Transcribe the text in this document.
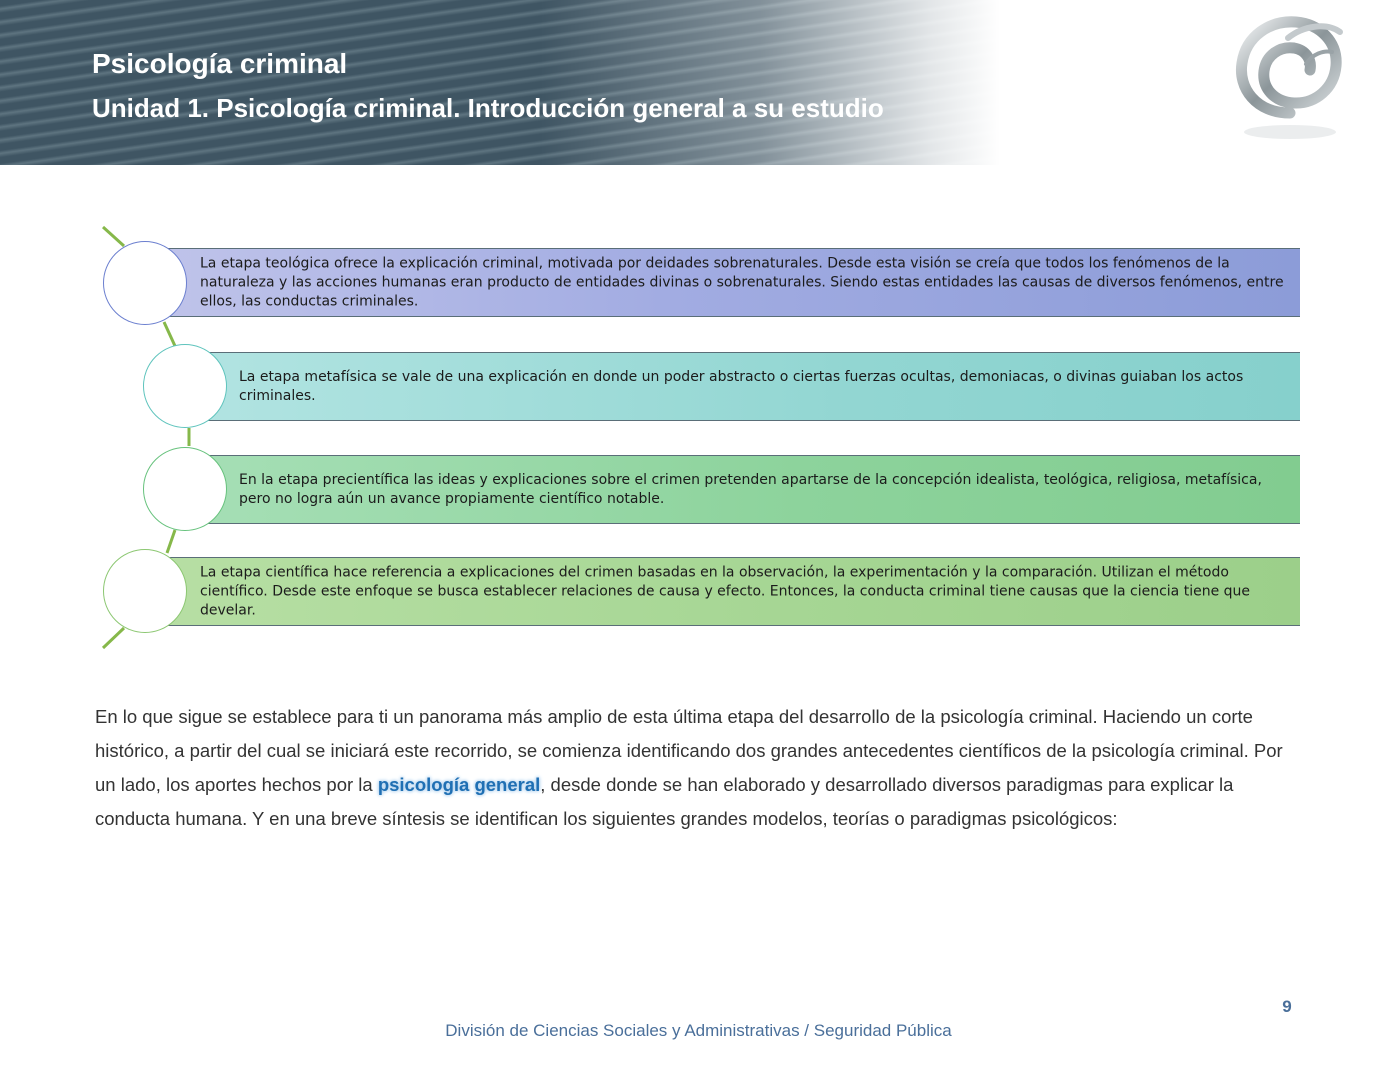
Psicología criminal
Unidad 1. Psicología criminal. Introducción general a su estudio

La etapa teológica ofrece la explicación criminal, motivada por deidades sobrenaturales. Desde esta visión se creía que todos los fenómenos de la naturaleza y las acciones humanas eran producto de entidades divinas o sobrenaturales. Siendo estas entidades las causas de diversos fenómenos, entre ellos, las conductas criminales.

La etapa metafísica se vale de una explicación en donde un poder abstracto o ciertas fuerzas ocultas, demoniacas, o divinas guiaban los actos criminales.

En la etapa precientífica las ideas y explicaciones sobre el crimen pretenden apartarse de la concepción idealista, teológica, religiosa, metafísica, pero no logra aún un avance propiamente científico notable.

La etapa científica hace referencia a explicaciones del crimen basadas en la observación, la experimentación y la comparación. Utilizan el método científico. Desde este enfoque se busca establecer relaciones de causa y efecto. Entonces, la conducta criminal tiene causas que la ciencia tiene que develar.

En lo que sigue se establece para ti un panorama más amplio de esta última etapa del desarrollo de la psicología criminal. Haciendo un corte histórico, a partir del cual se iniciará este recorrido, se comienza identificando dos grandes antecedentes científicos de la psicología criminal. Por un lado, los aportes hechos por la psicología general, desde donde se han elaborado y desarrollado diversos paradigmas para explicar la conducta humana. Y en una breve síntesis se identifican los siguientes grandes modelos, teorías o paradigmas psicológicos:

9

División de Ciencias Sociales y Administrativas / Seguridad Pública
